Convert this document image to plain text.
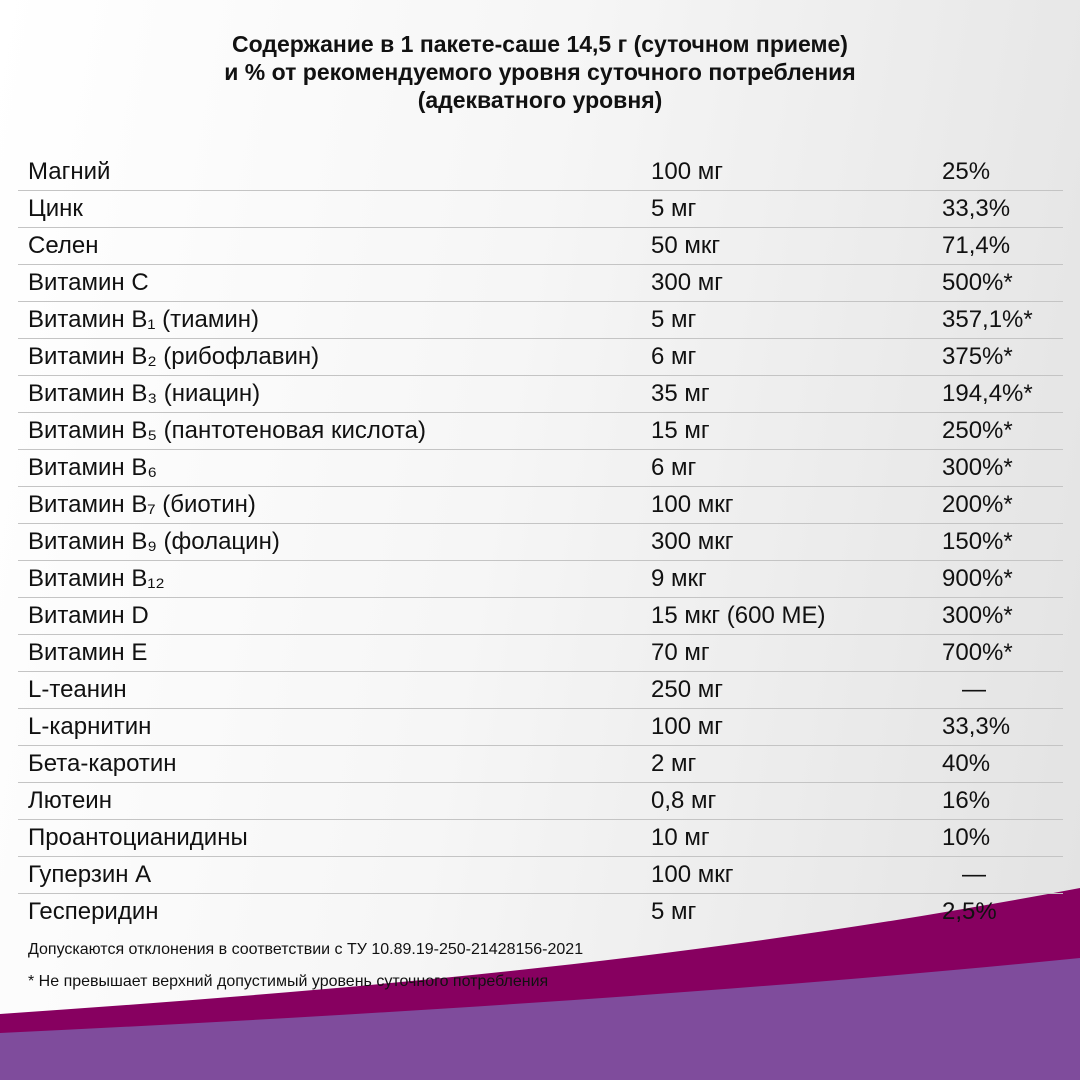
Содержание в 1 пакете-саше 14,5 г (суточном приеме)
и % от рекомендуемого уровня суточного потребления
(адекватного уровня)
Магний	100 мг	25%
Цинк	5 мг	33,3%
Селен	50 мкг	71,4%
Витамин С	300 мг	500%*
Витамин B₁ (тиамин)	5 мг	357,1%*
Витамин B₂ (рибофлавин)	6 мг	375%*
Витамин B₃ (ниацин)	35 мг	194,4%*
Витамин B₅ (пантотеновая кислота)	15 мг	250%*
Витамин B₆	6 мг	300%*
Витамин B₇ (биотин)	100 мкг	200%*
Витамин B₉ (фолацин)	300 мкг	150%*
Витамин B₁₂	9 мкг	900%*
Витамин D	15 мкг (600 МЕ)	300%*
Витамин E	70 мг	700%*
L-теанин	250 мг	—
L-карнитин	100 мг	33,3%
Бета-каротин	2 мг	40%
Лютеин	0,8 мг	16%
Проантоцианидины	10 мг	10%
Гуперзин А	100 мкг	—
Гесперидин	5 мг	2,5%
Допускаются отклонения в соответствии с ТУ 10.89.19-250-21428156-2021
* Не превышает верхний допустимый уровень суточного потребления
